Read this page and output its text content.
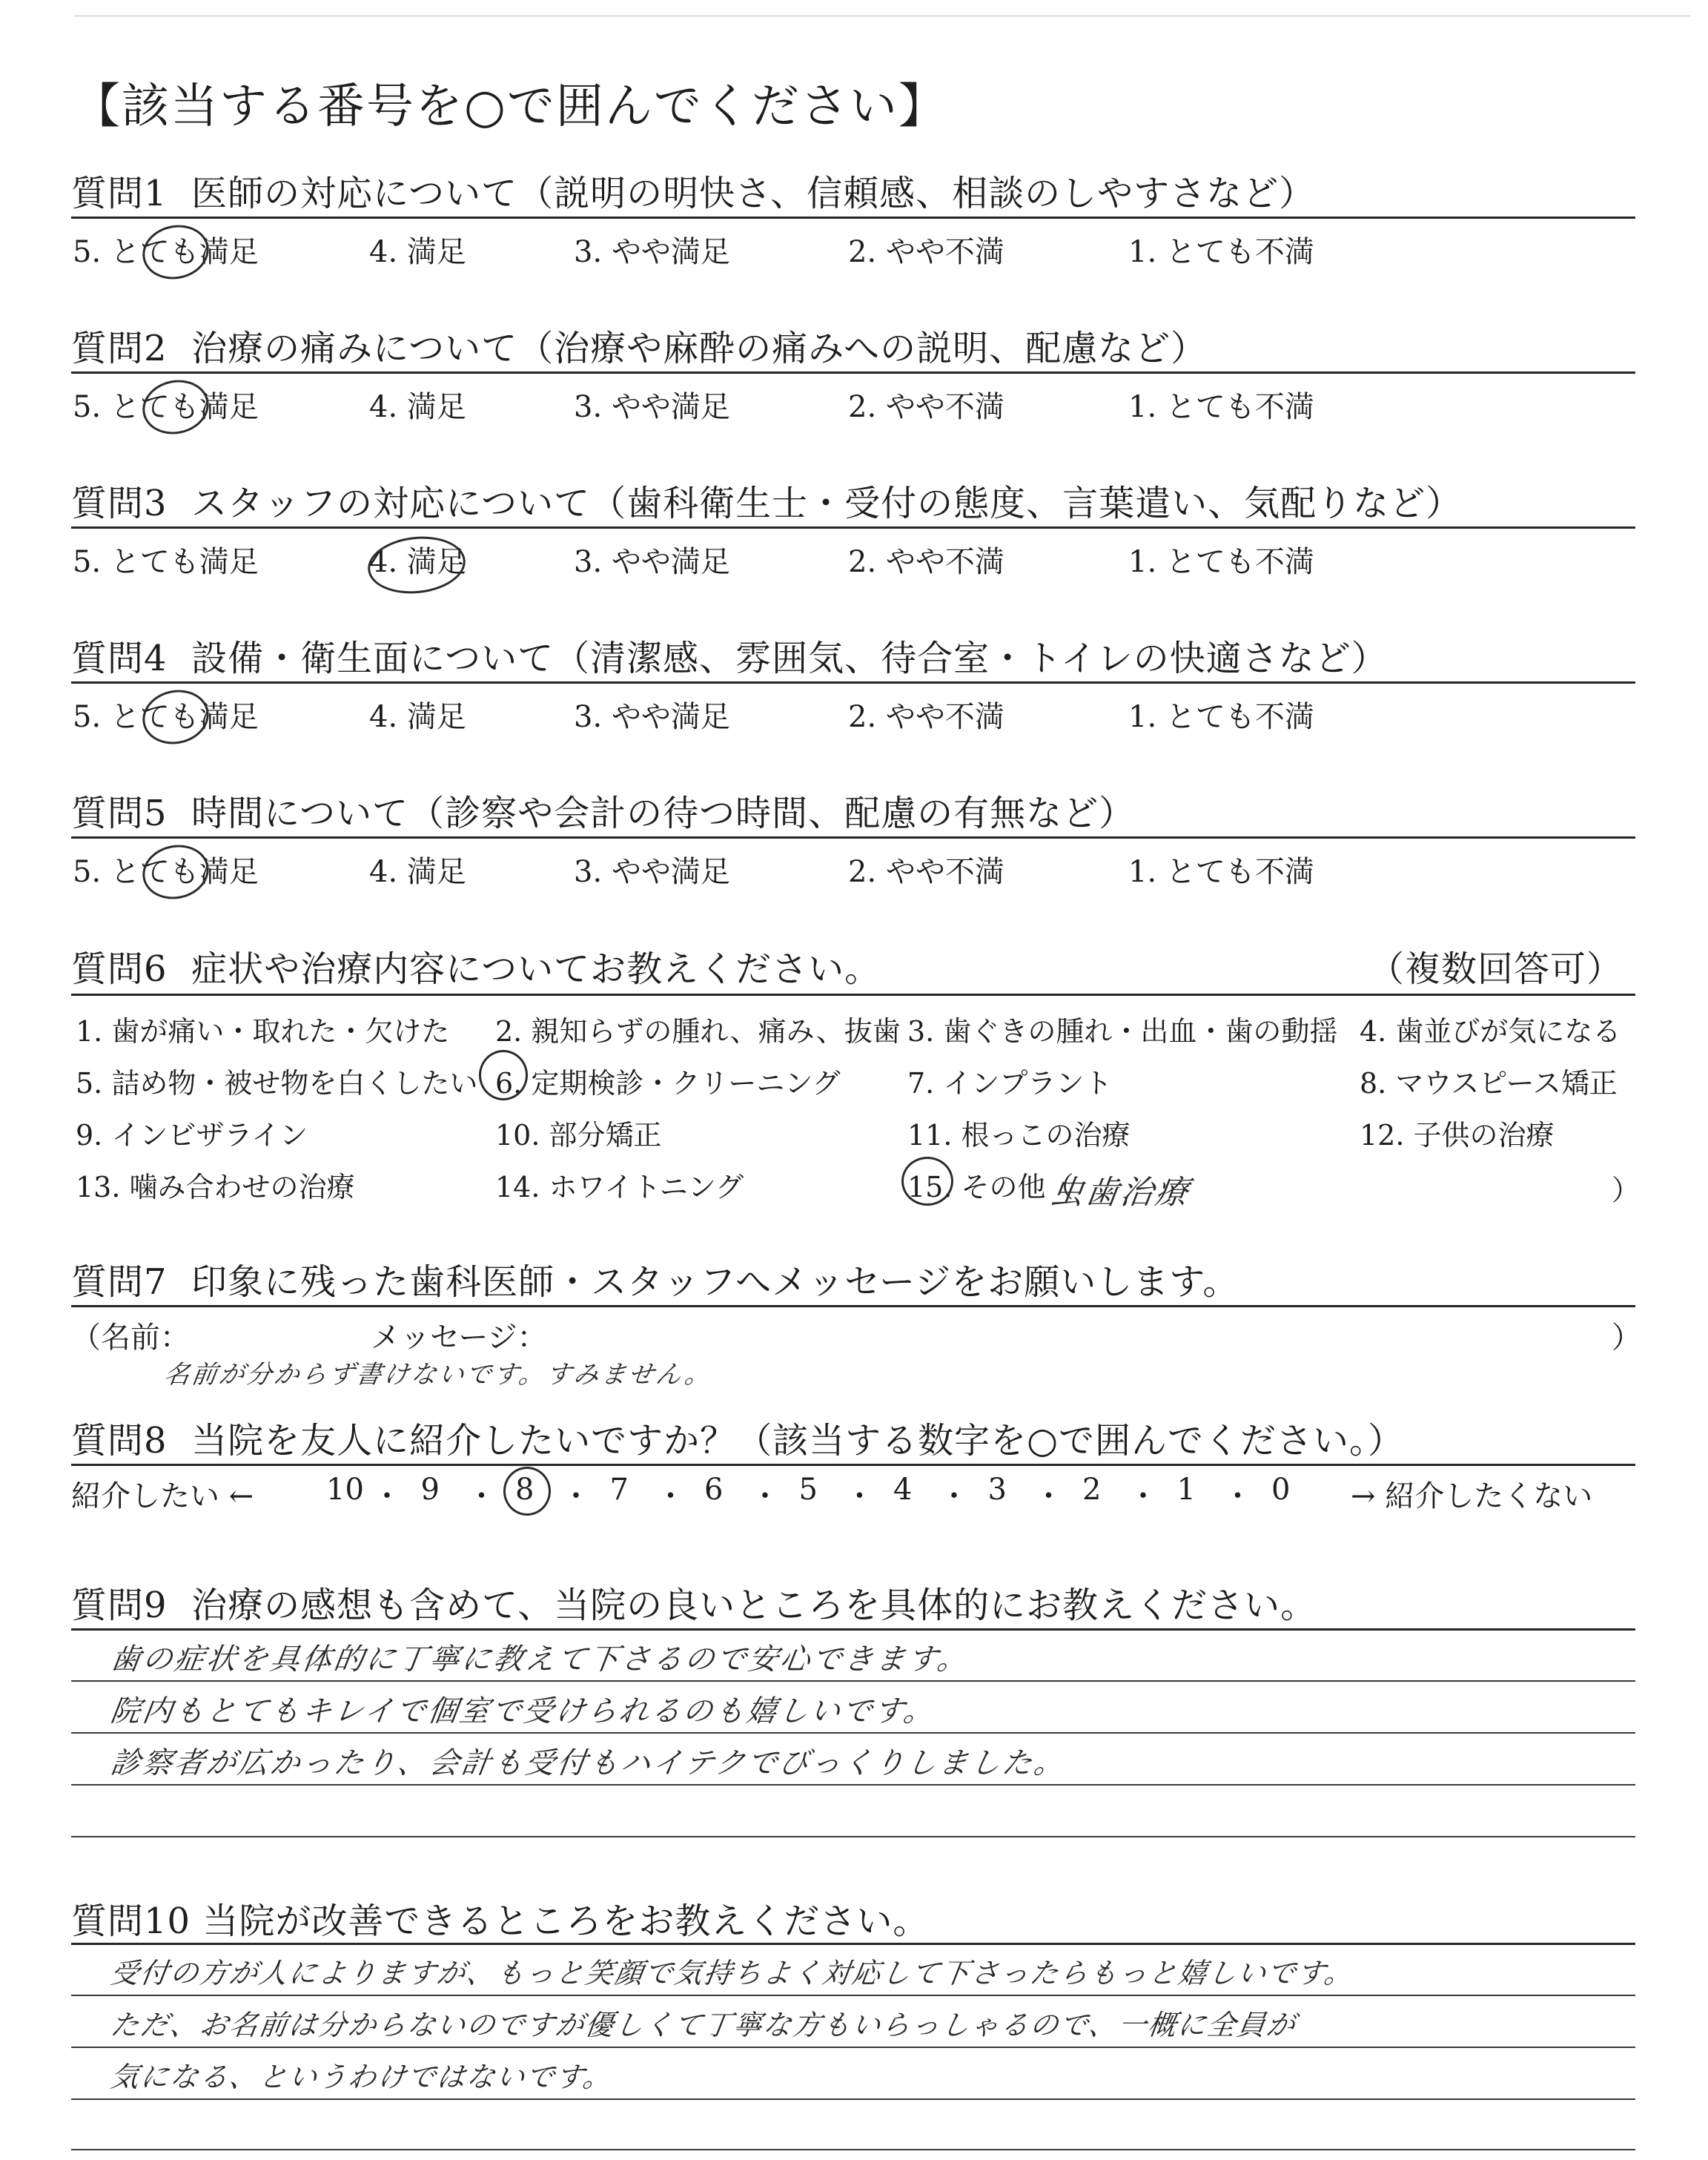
【該当する番号を○で囲んでください】
質問1 医師の対応について（説明の明快さ、信頼感、相談のしやすさなど）
5. とても満足	4. 満足	3. やや満足	2. やや不満	1. とても不満
質問2 治療の痛みについて（治療や麻酔の痛みへの説明、配慮など）
5. とても満足	4. 満足	3. やや満足	2. やや不満	1. とても不満
質問3 スタッフの対応について（歯科衛生士・受付の態度、言葉遣い、気配りなど）
5. とても満足	4. 満足	3. やや満足	2. やや不満	1. とても不満
質問4 設備・衛生面について（清潔感、雰囲気、待合室・トイレの快適さなど）
5. とても満足	4. 満足	3. やや満足	2. やや不満	1. とても不満
質問5 時間について（診察や会計の待つ時間、配慮の有無など）
5. とても満足	4. 満足	3. やや満足	2. やや不満	1. とても不満
質問6 症状や治療内容についてお教えください。	（複数回答可）
1. 歯が痛い・取れた・欠けた 2. 親知らずの腫れ、痛み、抜歯 3. 歯ぐきの腫れ・出血・歯の動揺 4. 歯並びが気になる
5. 詰め物・被せ物を白くしたい 6. 定期検診・クリーニング 7. インプラント	8. マウスピース矯正
9. インビザライン	10. 部分矯正	11. 根っこの治療	12. 子供の治療
13. 噛み合わせの治療	14. ホワイトニング	15. その他（
虫歯治療	）
質問7 印象に残った歯科医師・スタッフへメッセージをお願いします。
（名前：	メッセージ：	）
名前が分からず書けないです。すみません。
質問8 当院を友人に紹介したいですか？（該当する数字を○で囲んでください。）
紹介したい ← 10 ・ 9 ・ 8 ・ 7 ・ 6 ・ 5 ・ 4 ・ 3 ・ 2 ・ 1 ・ 0 → 紹介したくない
質問9 治療の感想も含めて、当院の良いところを具体的にお教えください。
歯の症状を具体的に丁寧に教えて下さるので安心できます。
院内もとてもキレイで個室で受けられるのも嬉しいです。
診察者が広かったり、会計も受付もハイテクでびっくりしました。
質問10 当院が改善できるところをお教えください。
受付の方が人によりますが、もっと笑顔で気持ちよく対応して下さったらもっと嬉しいです。
ただ、お名前は分からないのですが優しくて丁寧な方もいらっしゃるので、一概に全員が
気になる、というわけではないです。
